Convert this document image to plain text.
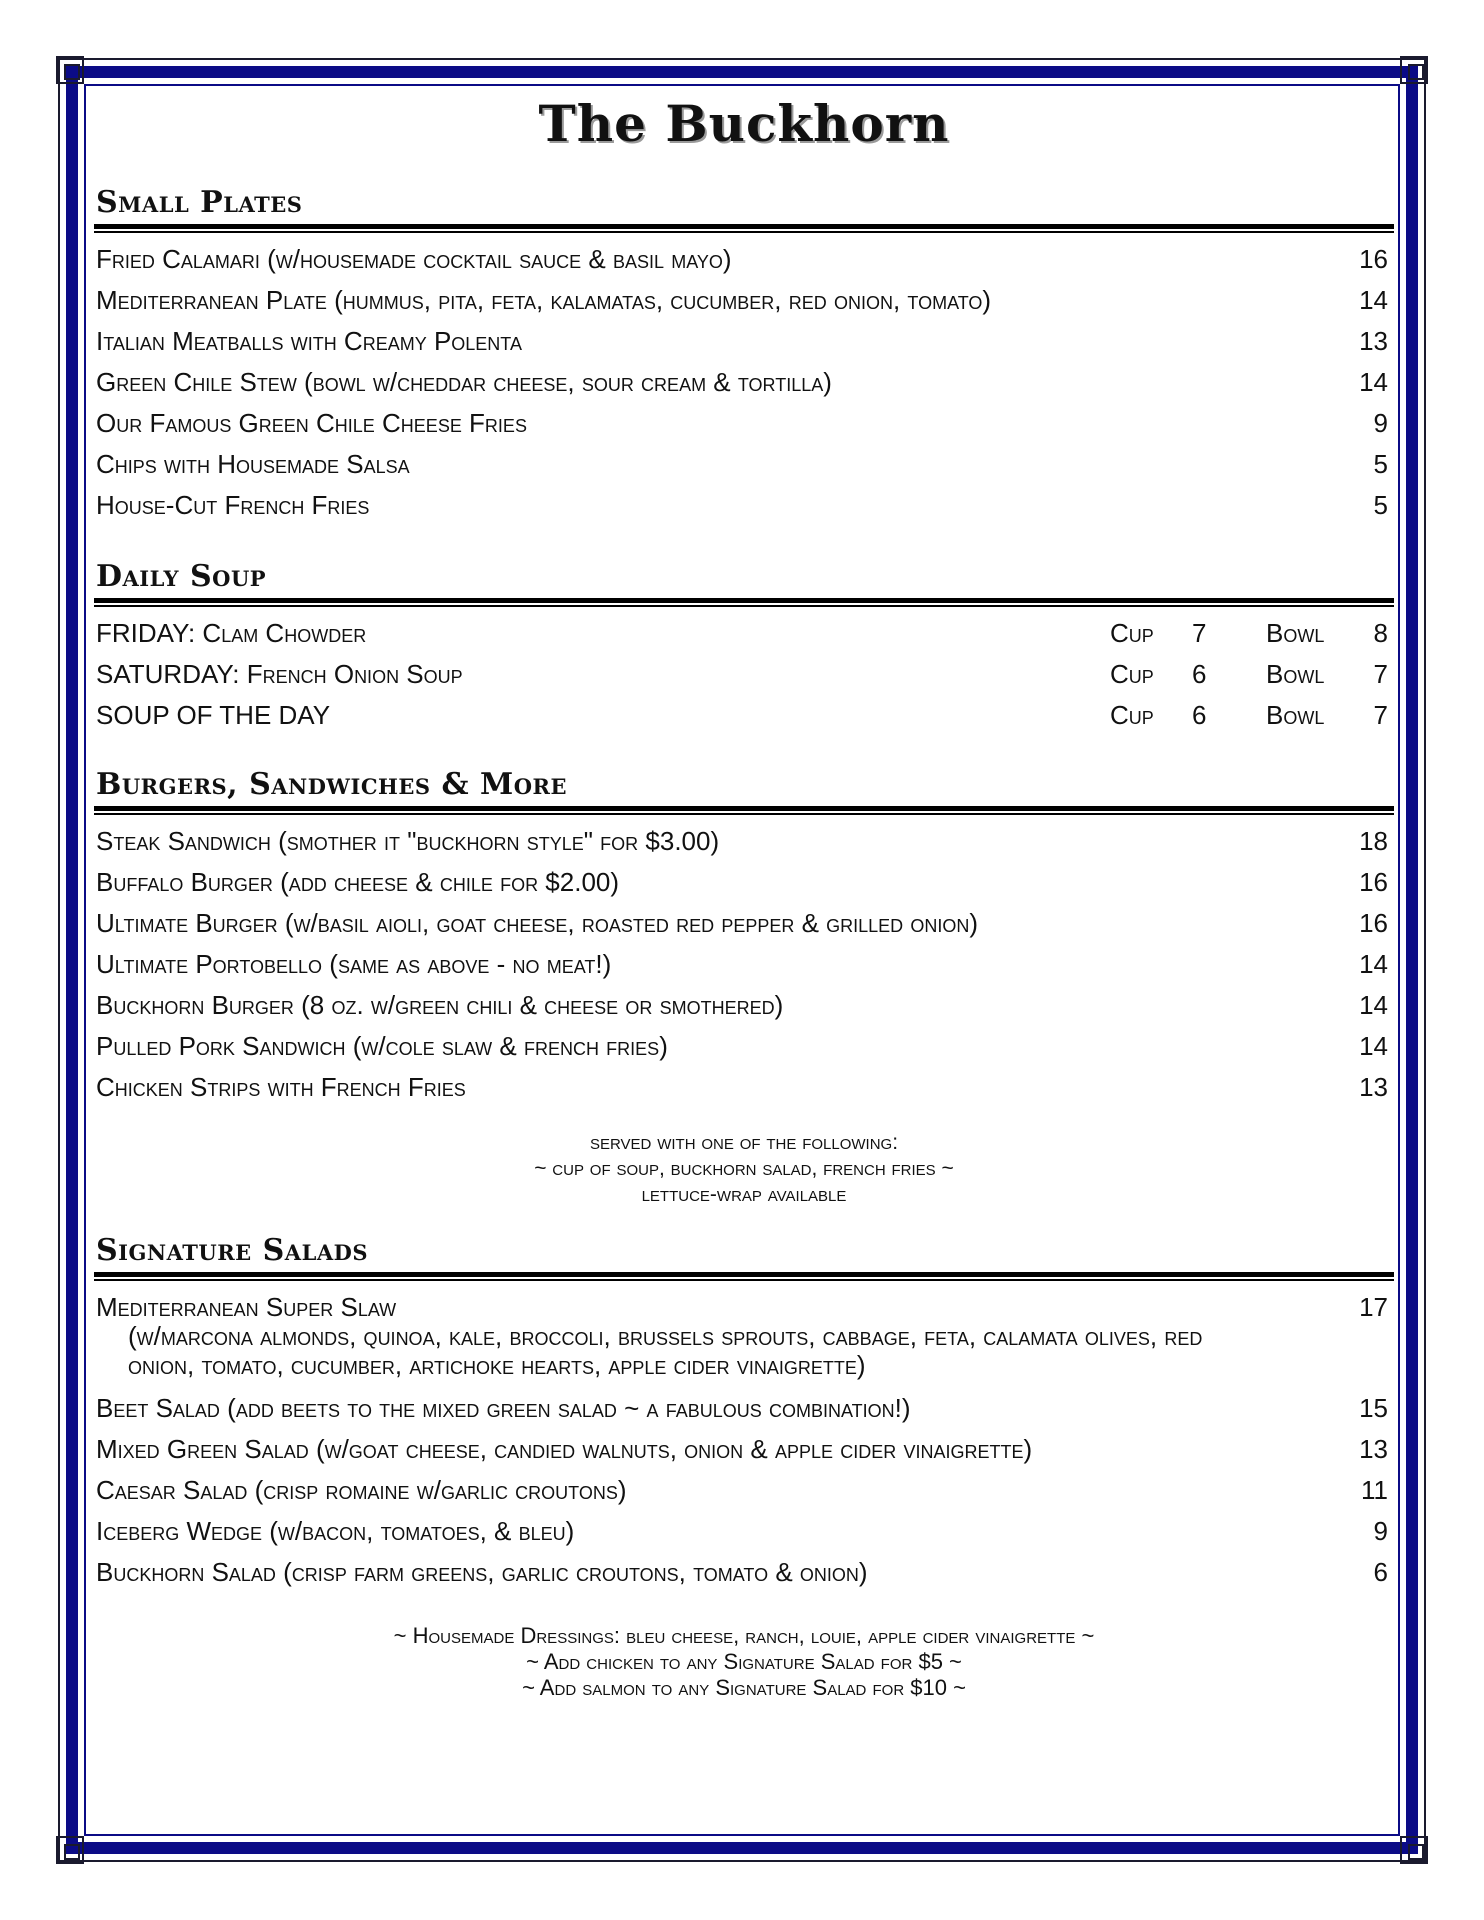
The Buckhorn
Small Plates
Fried Calamari (w/housemade cocktail sauce & basil mayo)	16
Mediterranean Plate (hummus, pita, feta, kalamatas, cucumber, red onion, tomato)	14
Italian Meatballs with Creamy Polenta	13
Green Chile Stew (bowl w/cheddar cheese, sour cream & tortilla)	14
Our Famous Green Chile Cheese Fries	9
Chips with Housemade Salsa	5
House-Cut French Fries	5
Daily Soup
FRIDAY: Clam Chowder	Cup	7	Bowl	8
SATURDAY: French Onion Soup	Cup	6	Bowl	7
SOUP OF THE DAY	Cup	6	Bowl	7
Burgers, Sandwiches & More
Steak Sandwich (smother it "buckhorn style" for $3.00)	18
Buffalo Burger (add cheese & chile for $2.00)	16
Ultimate Burger (w/basil aioli, goat cheese, roasted red pepper & grilled onion)	16
Ultimate Portobello (same as above - no meat!)	14
Buckhorn Burger (8 oz. w/green chili & cheese or smothered)	14
Pulled Pork Sandwich (w/cole slaw & french fries)	14
Chicken Strips with French Fries	13
served with one of the following:
~ cup of soup, buckhorn salad, french fries ~
lettuce-wrap available
Signature Salads
Mediterranean Super Slaw	17
(w/marcona almonds, quinoa, kale, broccoli, brussels sprouts, cabbage, feta, calamata olives, red onion, tomato, cucumber, artichoke hearts, apple cider vinaigrette)
Beet Salad (add beets to the mixed green salad ~ a fabulous combination!)	15
Mixed Green Salad (w/goat cheese, candied walnuts, onion & apple cider vinaigrette)	13
Caesar Salad (crisp romaine w/garlic croutons)	11
Iceberg Wedge (w/bacon, tomatoes, & bleu)	9
Buckhorn Salad (crisp farm greens, garlic croutons, tomato & onion)	6
~ Housemade Dressings: bleu cheese, ranch, louie, apple cider vinaigrette ~
~ Add chicken to any Signature Salad for $5 ~
~ Add salmon to any Signature Salad for $10 ~
